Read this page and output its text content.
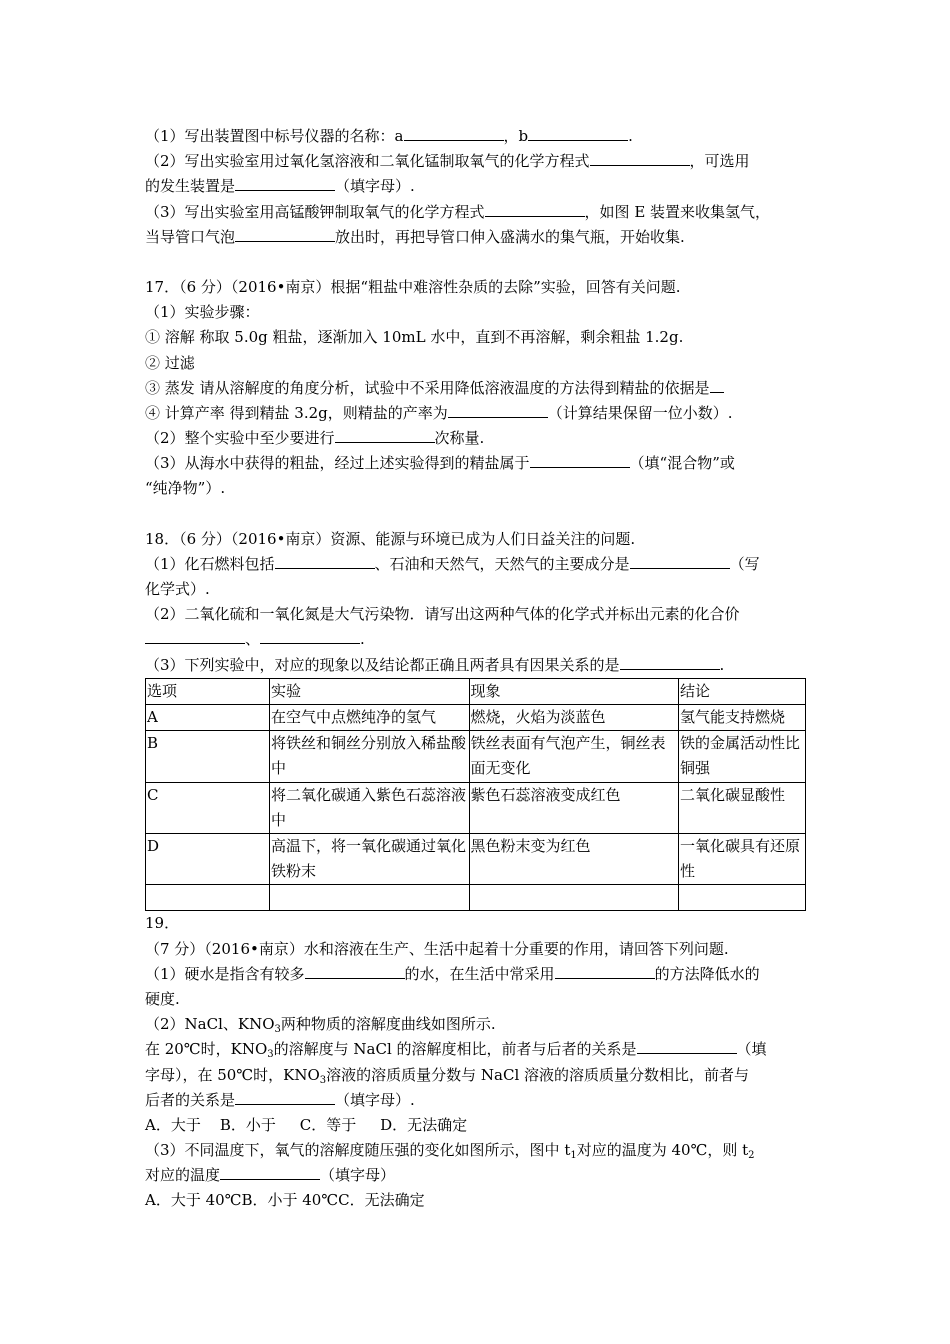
（1）写出装置图中标号仪器的名称：a	，b	.
（2）写出实验室用过氧化氢溶液和二氧化锰制取氧气的化学方程式	，可选用
的发生装置是	（填字母）.
（3）写出实验室用高锰酸钾制取氧气的化学方程式	，如图 E 装置来收集氢气，
当导管口气泡	放出时，再把导管口伸入盛满水的集气瓶，开始收集.
17．（6 分）（2016•南京）根据“粗盐中难溶性杂质的去除”实验，回答有关问题.
（1）实验步骤：
① 溶解 称取 5.0g 粗盐，逐渐加入 10mL 水中，直到不再溶解，剩余粗盐 1.2g.
② 过滤
③ 蒸发 请从溶解度的角度分析，试验中不采用降低溶液温度的方法得到精盐的依据是
④ 计算产率 得到精盐 3.2g，则精盐的产率为	（计算结果保留一位小数）.
（2）整个实验中至少要进行	次称量.
（3）从海水中获得的粗盐，经过上述实验得到的精盐属于	（填“混合物”或
“纯净物”）.
18．（6 分）（2016•南京）资源、能源与环境已成为人们日益关注的问题.
（1）化石燃料包括	、石油和天然气，天然气的主要成分是	（写
化学式）.
（2）二氧化硫和一氧化氮是大气污染物．请写出这两种气体的化学式并标出元素的化合价
、	.
（3）下列实验中，对应的现象以及结论都正确且两者具有因果关系的是	.
选项	实验	现象	结论
A	在空气中点燃纯净的氢气	燃烧，火焰为淡蓝色	氢气能支持燃烧
B	将铁丝和铜丝分别放入稀盐酸中	铁丝表面有气泡产生，铜丝表面无变化	铁的金属活动性比铜强
C	将二氧化碳通入紫色石蕊溶液中	紫色石蕊溶液变成红色	二氧化碳显酸性
D	高温下，将一氧化碳通过氧化铁粉末	黑色粉末变为红色	一氧化碳具有还原性

19．
（7 分）（2016•南京）水和溶液在生产、生活中起着十分重要的作用，请回答下列问题.
（1）硬水是指含有较多	的水，在生活中常采用	的方法降低水的
硬度.
（2）NaCl、$KNO_3$两种物质的溶解度曲线如图所示.
在 20℃时，$KNO_3$的溶解度与 NaCl 的溶解度相比，前者与后者的关系是	（填
字母），在 50℃时，$KNO_3$溶液的溶质质量分数与 NaCl 溶液的溶质质量分数相比，前者与
后者的关系是	（填字母）.
A．大于    B．小于     C．等于     D．无法确定
（3）不同温度下，氧气的溶解度随压强的变化如图所示，图中 $t_1$对应的温度为 40℃，则 $t_2$
对应的温度	（填字母）
A．大于 40℃B．小于 40℃C．无法确定
